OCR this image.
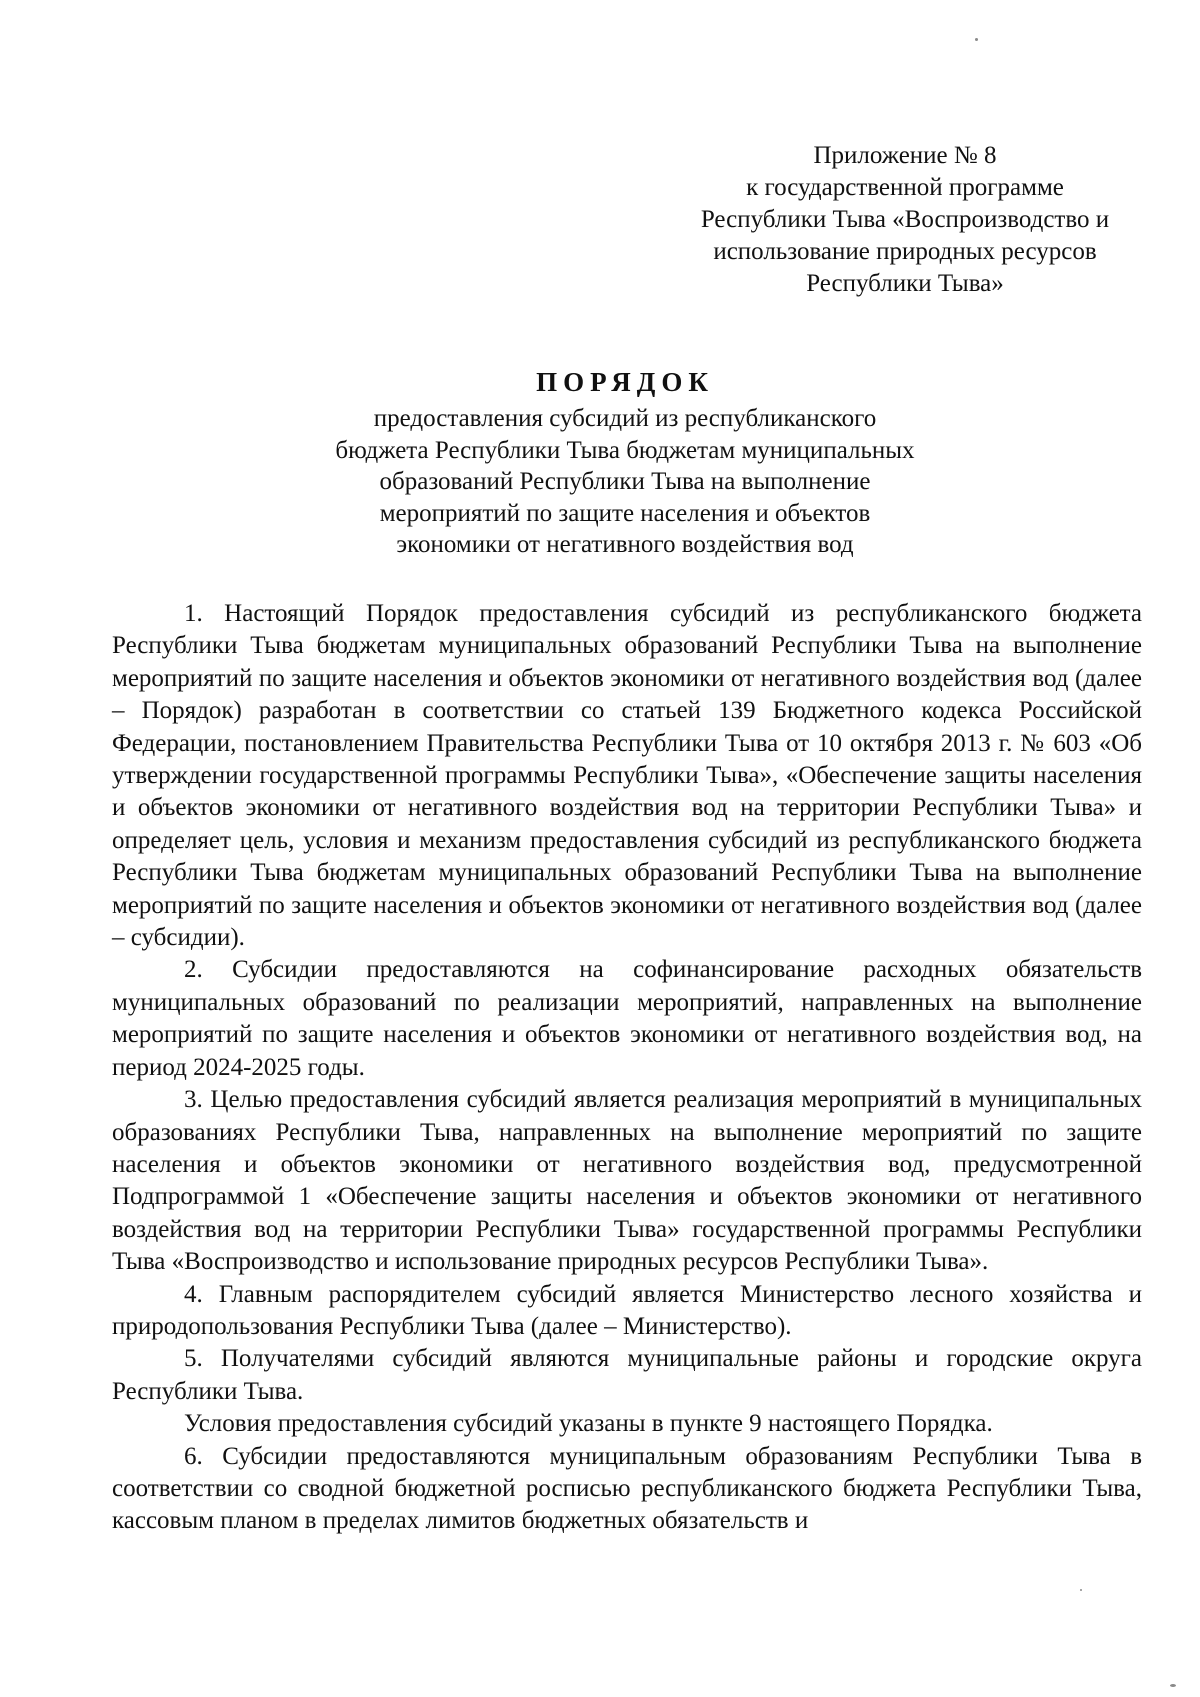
Приложение № 8
к государственной программе
Республики Тыва «Воспроизводство и
использование природных ресурсов
Республики Тыва»
ПОРЯДОК
предоставления субсидий из республиканского
бюджета Республики Тыва бюджетам муниципальных
образований Республики Тыва на выполнение
мероприятий по защите населения и объектов
экономики от негативного воздействия вод

1. Настоящий Порядок предоставления субсидий из республиканского бюджета Республики Тыва бюджетам муниципальных образований Республики Тыва на выполнение мероприятий по защите населения и объектов экономики от негативного воздействия вод (далее – Порядок) разработан в соответствии со статьей 139 Бюджетного кодекса Российской Федерации, постановлением Правительства Республики Тыва от 10 октября 2013 г. № 603 «Об утверждении государственной программы Республики Тыва», «Обеспечение защиты населения и объектов экономики от негативного воздействия вод на территории Республики Тыва» и определяет цель, условия и механизм предоставления субсидий из республиканского бюджета Республики Тыва бюджетам муниципальных образований Республики Тыва на выполнение мероприятий по защите населения и объектов экономики от негативного воздействия вод (далее – субсидии).

2. Субсидии предоставляются на софинансирование расходных обязательств муниципальных образований по реализации мероприятий, направленных на выполнение мероприятий по защите населения и объектов экономики от негативного воздействия вод, на период 2024-2025 годы.

3. Целью предоставления субсидий является реализация мероприятий в муниципальных образованиях Республики Тыва, направленных на выполнение мероприятий по защите населения и объектов экономики от негативного воздействия вод, предусмотренной Подпрограммой 1 «Обеспечение защиты населения и объектов экономики от негативного воздействия вод на территории Республики Тыва» государственной программы Республики Тыва «Воспроизводство и использование природных ресурсов Республики Тыва».

4. Главным распорядителем субсидий является Министерство лесного хозяйства и природопользования Республики Тыва (далее – Министерство).

5. Получателями субсидий являются муниципальные районы и городские округа Республики Тыва.

Условия предоставления субсидий указаны в пункте 9 настоящего Порядка.

6. Субсидии предоставляются муниципальным образованиям Республики Тыва в соответствии со сводной бюджетной росписью республиканского бюджета Республики Тыва, кассовым планом в пределах лимитов бюджетных обязательств и
